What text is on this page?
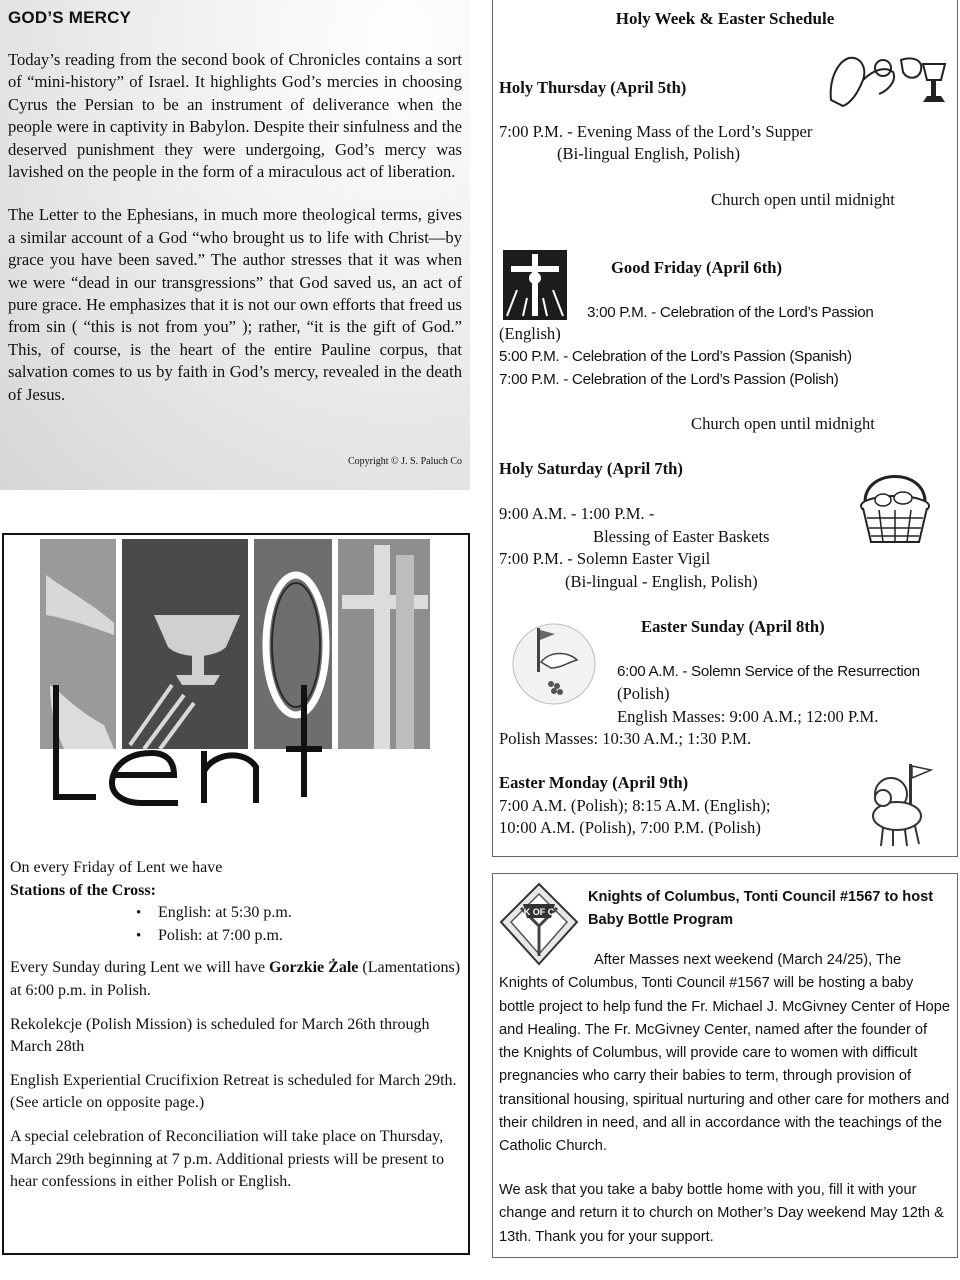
GOD’S MERCY

Today’s reading from the second book of Chronicles contains a sort of “mini-history” of Israel. It highlights God’s mercies in choosing Cyrus the Persian to be an instrument of deliverance when the people were in captivity in Babylon. Despite their sinfulness and the deserved punishment they were undergoing, God’s mercy was lavished on the people in the form of a miraculous act of liberation.

The Letter to the Ephesians, in much more theological terms, gives a similar account of a God “who brought us to life with Christ—by grace you have been saved.” The author stresses that it was when we were “dead in our transgressions” that God saved us, an act of pure grace. He emphasizes that it is not our own efforts that freed us from sin ( “this is not from you” ); rather, “it is the gift of God.” This, of course, is the heart of the entire Pauline corpus, that salvation comes to us by faith in God’s mercy, revealed in the death of Jesus.

Copyright © J. S. Paluch Co
On every Friday of Lent we have
Stations of the Cross:
• English: at 5:30 p.m.
• Polish: at 7:00 p.m.

Every Sunday during Lent we will have Gorzkie Żale (Lamentations) at 6:00 p.m. in Polish.

Rekolekcje (Polish Mission) is scheduled for March 26th through March 28th

English Experiential Crucifixion Retreat is scheduled for March 29th. (See article on opposite page.)

A special celebration of Reconciliation will take place on Thursday, March 29th beginning at 7 p.m. Additional priests will be present to hear confessions in either Polish or English.

Holy Week & Easter Schedule
Holy Thursday (April 5th)
7:00 P.M. - Evening Mass of the Lord’s Supper
(Bi-lingual English, Polish)
Church open until midnight
Good Friday (April 6th)
3:00 P.M. - Celebration of the Lord’s Passion
(English)
5:00 P.M. - Celebration of the Lord’s Passion (Spanish)
7:00 P.M. - Celebration of the Lord’s Passion (Polish)
Church open until midnight
Holy Saturday (April 7th)
9:00 A.M. - 1:00 P.M. -
Blessing of Easter Baskets
7:00 P.M. - Solemn Easter Vigil
(Bi-lingual - English, Polish)
Easter Sunday (April 8th)
6:00 A.M. - Solemn Service of the Resurrection
(Polish)
English Masses: 9:00 A.M.; 12:00 P.M.
Polish Masses: 10:30 A.M.; 1:30 P.M.
Easter Monday (April 9th)
7:00 A.M. (Polish); 8:15 A.M. (English);
10:00 A.M. (Polish), 7:00 P.M. (Polish)
K OF C
Knights of Columbus, Tonti Council #1567 to host Baby Bottle Program
After Masses next weekend (March 24/25), The Knights of Columbus, Tonti Council #1567 will be hosting a baby bottle project to help fund the Fr. Michael J. McGivney Center of Hope and Healing. The Fr. McGivney Center, named after the founder of the Knights of Columbus, will provide care to women with difficult pregnancies who carry their babies to term, through provision of transitional housing, spiritual nurturing and other care for mothers and their children in need, and all in accordance with the teachings of the Catholic Church.
We ask that you take a baby bottle home with you, fill it with your change and return it to church on Mother’s Day weekend May 12th & 13th. Thank you for your support.
